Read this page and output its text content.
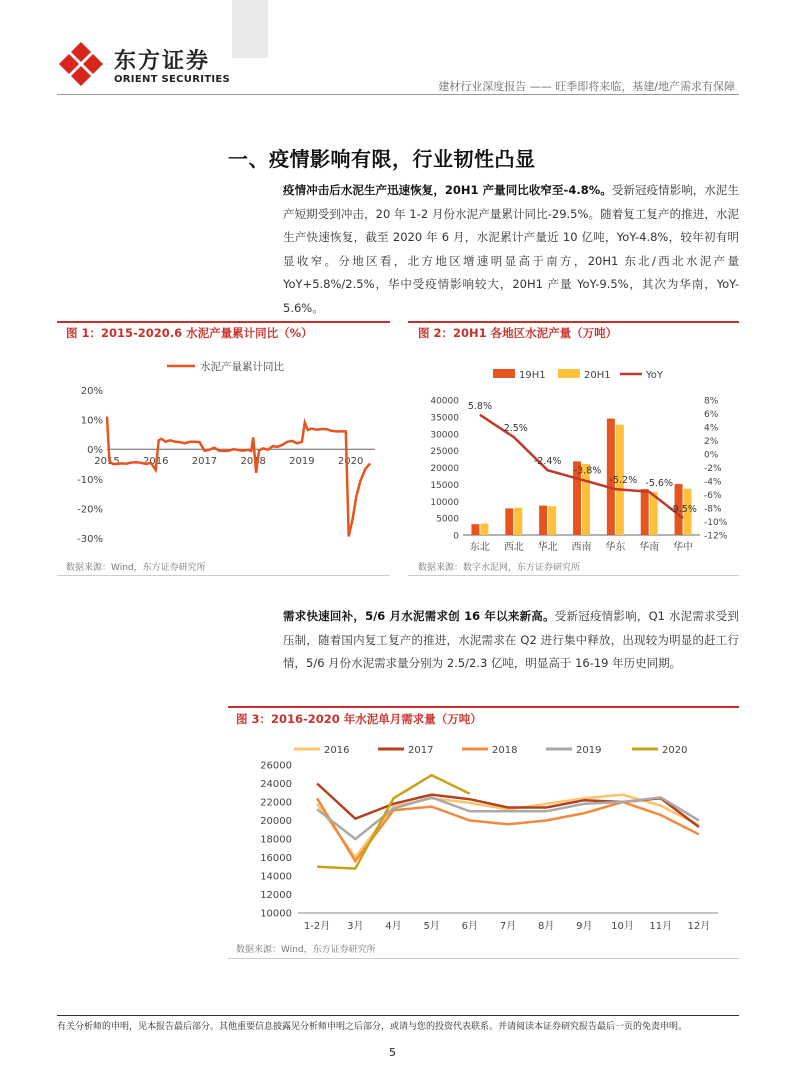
东方证券
ORIENT SECURITIES
建材行业深度报告 —— 旺季即将来临，基建/地产需求有保障
一、疫情影响有限，行业韧性凸显
疫情冲击后水泥生产迅速恢复，20H1 产量同比收窄至-4.8%。受新冠疫情影响，水泥生产短期受到冲击，20 年 1-2 月份水泥产量累计同比-29.5%。随着复工复产的推进，水泥生产快速恢复，截至 2020 年 6 月，水泥累计产量近 10 亿吨，YoY-4.8%，较年初有明显收窄。分地区看，北方地区增速明显高于南方，20H1 东北/西北水泥产量 YoY+5.8%/2.5%，华中受疫情影响较大，20H1 产量 YoY-9.5%，其次为华南，YoY-5.6%。
图 1：2015-2020.6 水泥产量累计同比（%）
水泥产量累计同比
20%
10%
0%
-10%
-20%
-30%
2015 2016 2017 2018 2019 2020
数据来源：Wind，东方证券研究所
图 2：20H1 各地区水泥产量（万吨）
19H1	20H1	YoY
40000
35000
30000
25000
20000
15000
10000
5000
0
8%
6%
4%
2%
0%
-2%
-4%
-6%
-8%
-10%
-12%
东北 西北 华北 西南 华东 华南 华中
5.8%
2.5%
-2.4%
-3.8%
-5.2% -5.6%
-9.5%
数据来源：数字水泥网，东方证券研究所
需求快速回补，5/6 月水泥需求创 16 年以来新高。受新冠疫情影响，Q1 水泥需求受到压制，随着国内复工复产的推进，水泥需求在 Q2 进行集中释放，出现较为明显的赶工行情，5/6 月份水泥需求量分别为 2.5/2.3 亿吨，明显高于 16-19 年历史同期。
图 3：2016-2020 年水泥单月需求量（万吨）
2016	2017	2018	2019	2020
26000
24000
22000
20000
18000
16000
14000
12000
10000
1-2月 3月 4月 5月 6月 7月 8月 9月 10月 11月 12月
数据来源：Wind，东方证券研究所
有关分析师的申明，见本报告最后部分。其他重要信息披露见分析师申明之后部分，或请与您的投资代表联系。并请阅读本证券研究报告最后一页的免责申明。
5
